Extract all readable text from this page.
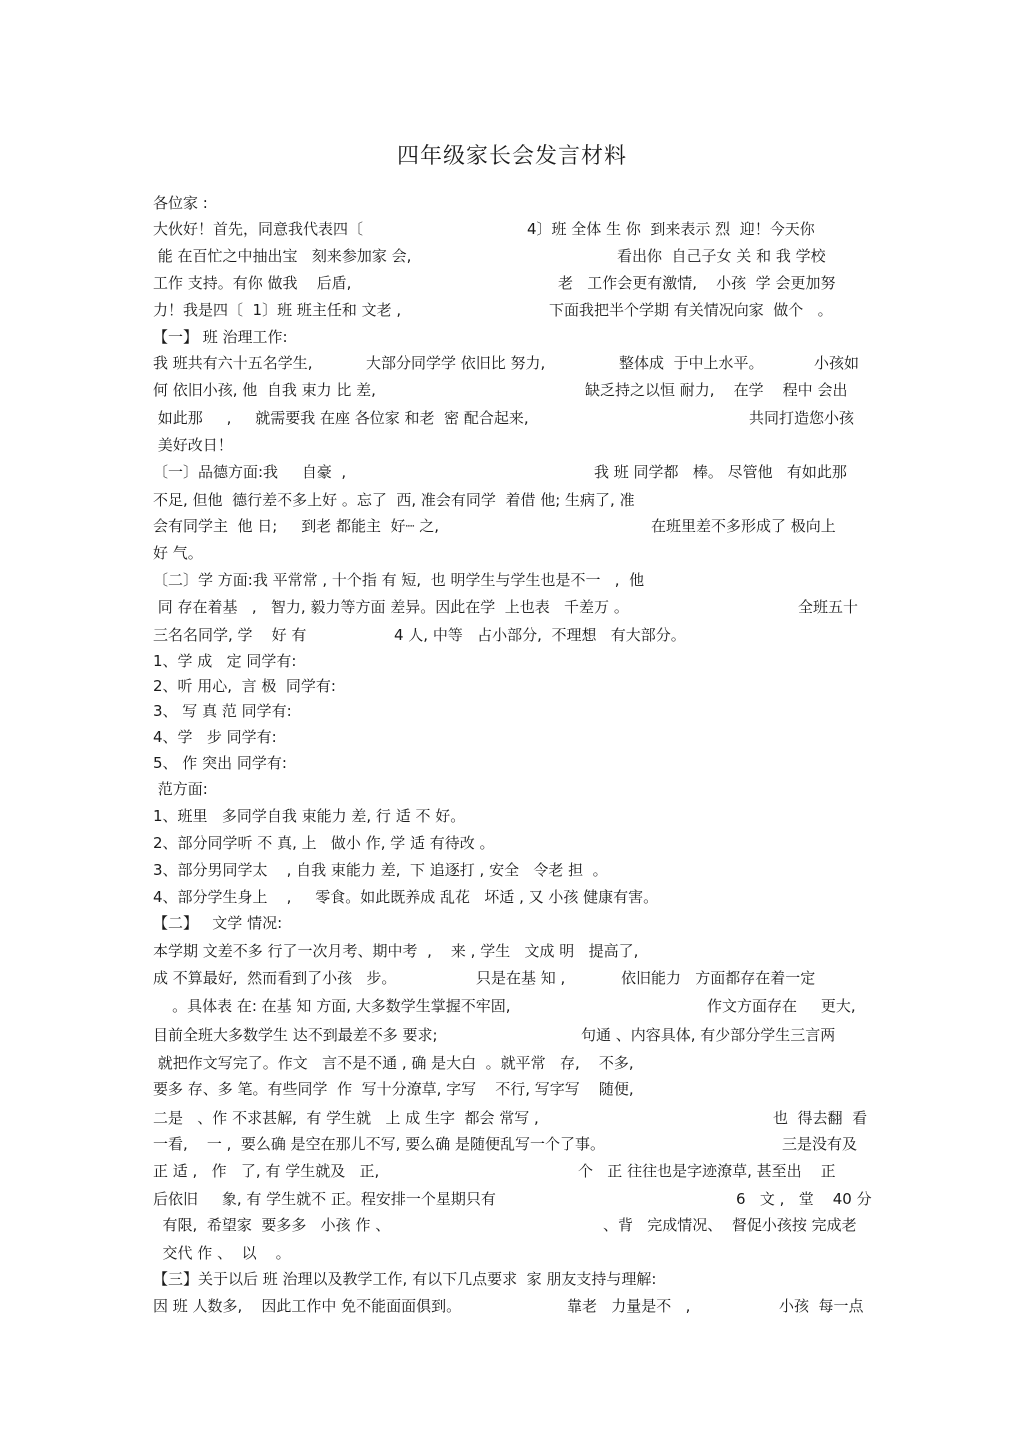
四年级家长会发言材料
各位家 :
大伙好！首先，同意我代表四〔	4〕班 全体 生 你  到来表示 烈  迎！今天你
能 在百忙之中抽出宝   刻来参加家 会,	看出你  自己子女 关 和 我 学校
工作 支持。有你 做我    后盾,	老   工作会更有激情,    小孩  学 会更加努
力！我是四〔  1〕班 班主任和 文老 ,	下面我把半个学期 有关情况向家  做个   。
【一】 班 治理工作:
我 班共有六十五名学生,	大部分同学学 依旧比 努力,	整体成  于中上水平。	小孩如
何 依旧小孩, 他  自我 束力 比 差,	缺乏持之以恒 耐力,    在学    程中 会出
如此那     ,     就需要我 在座 各位家 和老  密 配合起来,	共同打造您小孩
美好改日！
〔一〕品德方面:我     自豪  ,	我 班 同学都   棒。 尽管他   有如此那
不足, 但他  德行差不多上好 。忘了  西, 准会有同学  着借 他; 生病了, 准
会有同学主  他 日;     到老 都能主  好┈ 之,	在班里差不多形成了 极向上
好 气。
〔二〕学 方面:我 平常常 , 十个指 有 短,  也 明学生与学生也是不一   ,  他
同 存在着基   ,   智力, 毅力等方面 差异。因此在学  上也表   千差万 。	全班五十
三名名同学, 学    好 有	4 人, 中等   占小部分,  不理想   有大部分。
1、学 成   定 同学有:
2、听 用心,  言 极  同学有:
3、 写 真 范 同学有:
4、学   步 同学有:
5、 作 突出 同学有:
范方面:
1、班里   多同学自我 束能力 差, 行 适 不 好。
2、部分同学听 不 真, 上   做小 作, 学 适 有待改 。
3、部分男同学太    , 自我 束能力 差,  下 追逐打 , 安全   令老 担  。
4、部分学生身上    ,     零食。如此既养成 乱花   坏适 , 又 小孩 健康有害。
【二】   文学 情况:
本学期 文差不多 行了一次月考、期中考  ,    来 , 学生   文成 明   提高了,
成 不算最好,  然而看到了小孩   步。	只是在基 知 ,	依旧能力   方面都存在着一定
。具体表 在: 在基 知 方面, 大多数学生掌握不牢固,	作文方面存在     更大,
目前全班大多数学生 达不到最差不多 要求;	句通 、内容具体, 有少部分学生三言两
就把作文写完了。作文   言不是不通 , 确 是大白  。就平常   存,    不多,
要多 存、多 笔。有些同学  作  写十分潦草, 字写    不行, 写字写    随便,
二是   、作 不求甚解,  有 学生就   上 成 生字  都会 常写 ,	也  得去翻  看
一看,    一 ,  要么确 是空在那儿不写, 要么确 是随便乱写一个了事。	三是没有及
正 适 ,   作   了, 有 学生就及   正,	个   正 往往也是字迹潦草, 甚至出    正
后依旧     象, 有 学生就不 正。程安排一个星期只有	6   文 ,   堂    40 分
有限,  希望家  要多多   小孩 作 、	、背   完成情况、  督促小孩按 完成老
交代 作 、  以    。
【三】关于以后 班 治理以及教学工作, 有以下几点要求  家 朋友支持与理解:
因 班 人数多,    因此工作中 免不能面面俱到。	靠老   力量是不   ,	小孩  每一点
